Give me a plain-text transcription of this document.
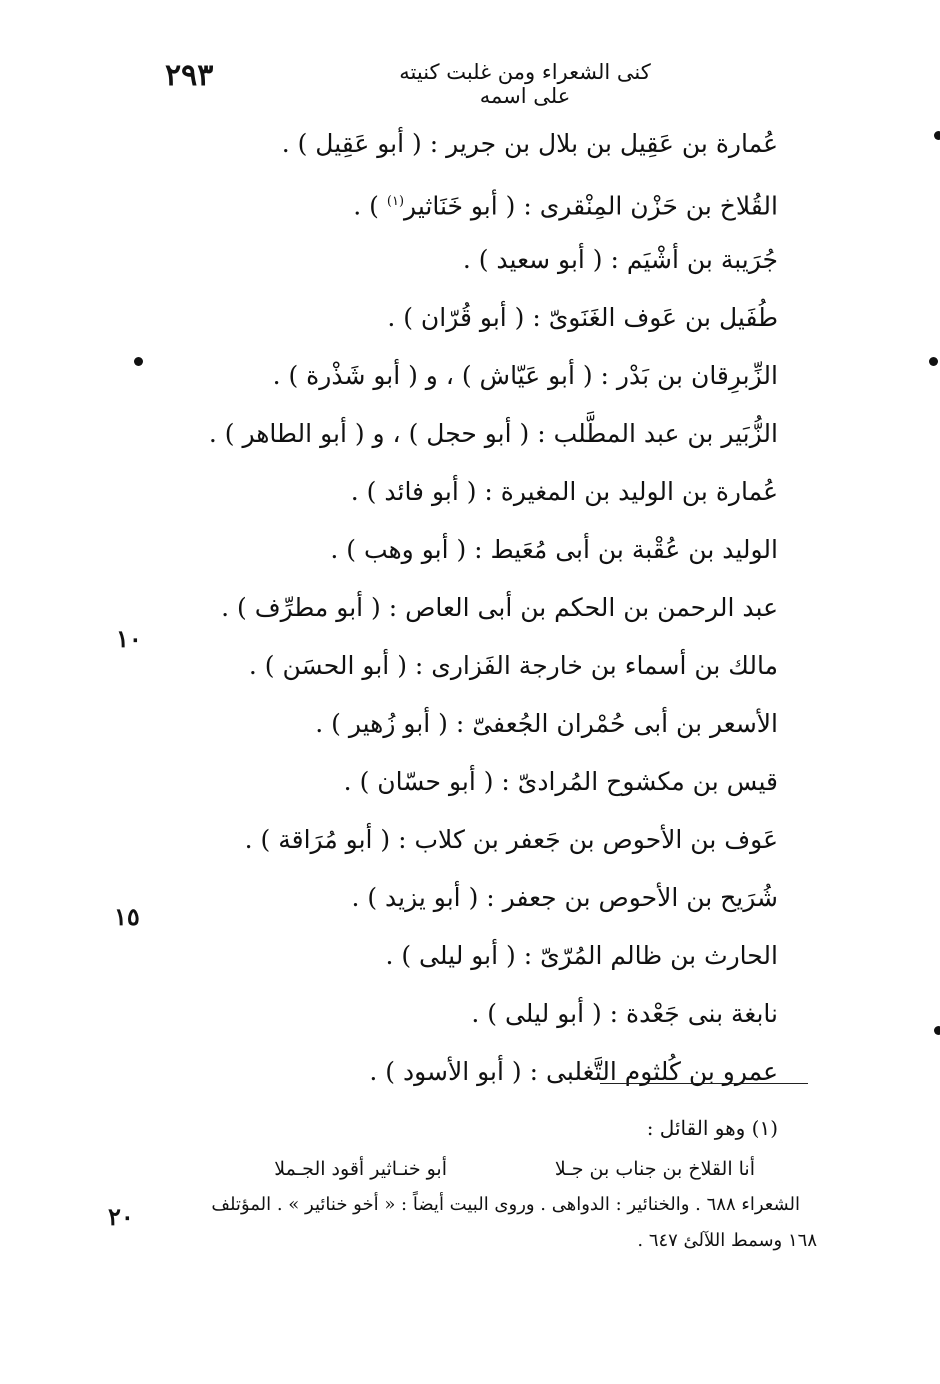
٢٩٣	كنى الشعراء ومن غلبت كنيته على اسمه
١٠
١٥
٢٠
عُمارة بن عَقِيل بن بلال بن جرير : ( أبو عَقِيل ) .
القُلاخ بن حَزْن المِنْقرى : ( أبو خَنَاثير$^{(١)}$ ) .
جُرَيبة بن أشْيَم : ( أبو سعيد ) .
طُفَيل بن عَوف الغَنَوىّ : ( أبو قُرّان ) .
الزِّبرِقان بن بَدْر : ( أبو عَيّاش ) ، و ( أبو شَذْرة ) .
الزُّبَير بن عبد المطَّلب : ( أبو حجل ) ، و ( أبو الطاهر ) .
عُمارة بن الوليد بن المغيرة : ( أبو فائد ) .
الوليد بن عُقْبة بن أبى مُعَيط : ( أبو وهب ) .
عبد الرحمن بن الحكم بن أبى العاص : ( أبو مطرِّف ) .
مالك بن أسماء بن خارجة الفَزارى : ( أبو الحسَن ) .
الأسعر بن أبى حُمْران الجُعفىّ : ( أبو زُهير ) .
قيس بن مكشوح المُرادىّ : ( أبو حسّان ) .
عَوف بن الأحوص بن جَعفر بن كلاب : ( أبو مُرَاقة ) .
شُرَيح بن الأحوص بن جعفر : ( أبو يزيد ) .
الحارث بن ظالم المُرّىّ : ( أبو ليلى ) .
نابغة بنى جَعْدة : ( أبو ليلى ) .
عمرو بن كُلثوم التَّغلبى : ( أبو الأسود ) .
(١) وهو القائل :
أنا القلاخ بن جناب بن جـلا
أبو خنـاثير أقود الجـملا
الشعراء ٦٨٨ . والخنائير : الدواهى . وروى البيت أيضاً : « أخو خنائير » . المؤتلف
١٦٨ وسمط اللآلئ ٦٤٧ .
